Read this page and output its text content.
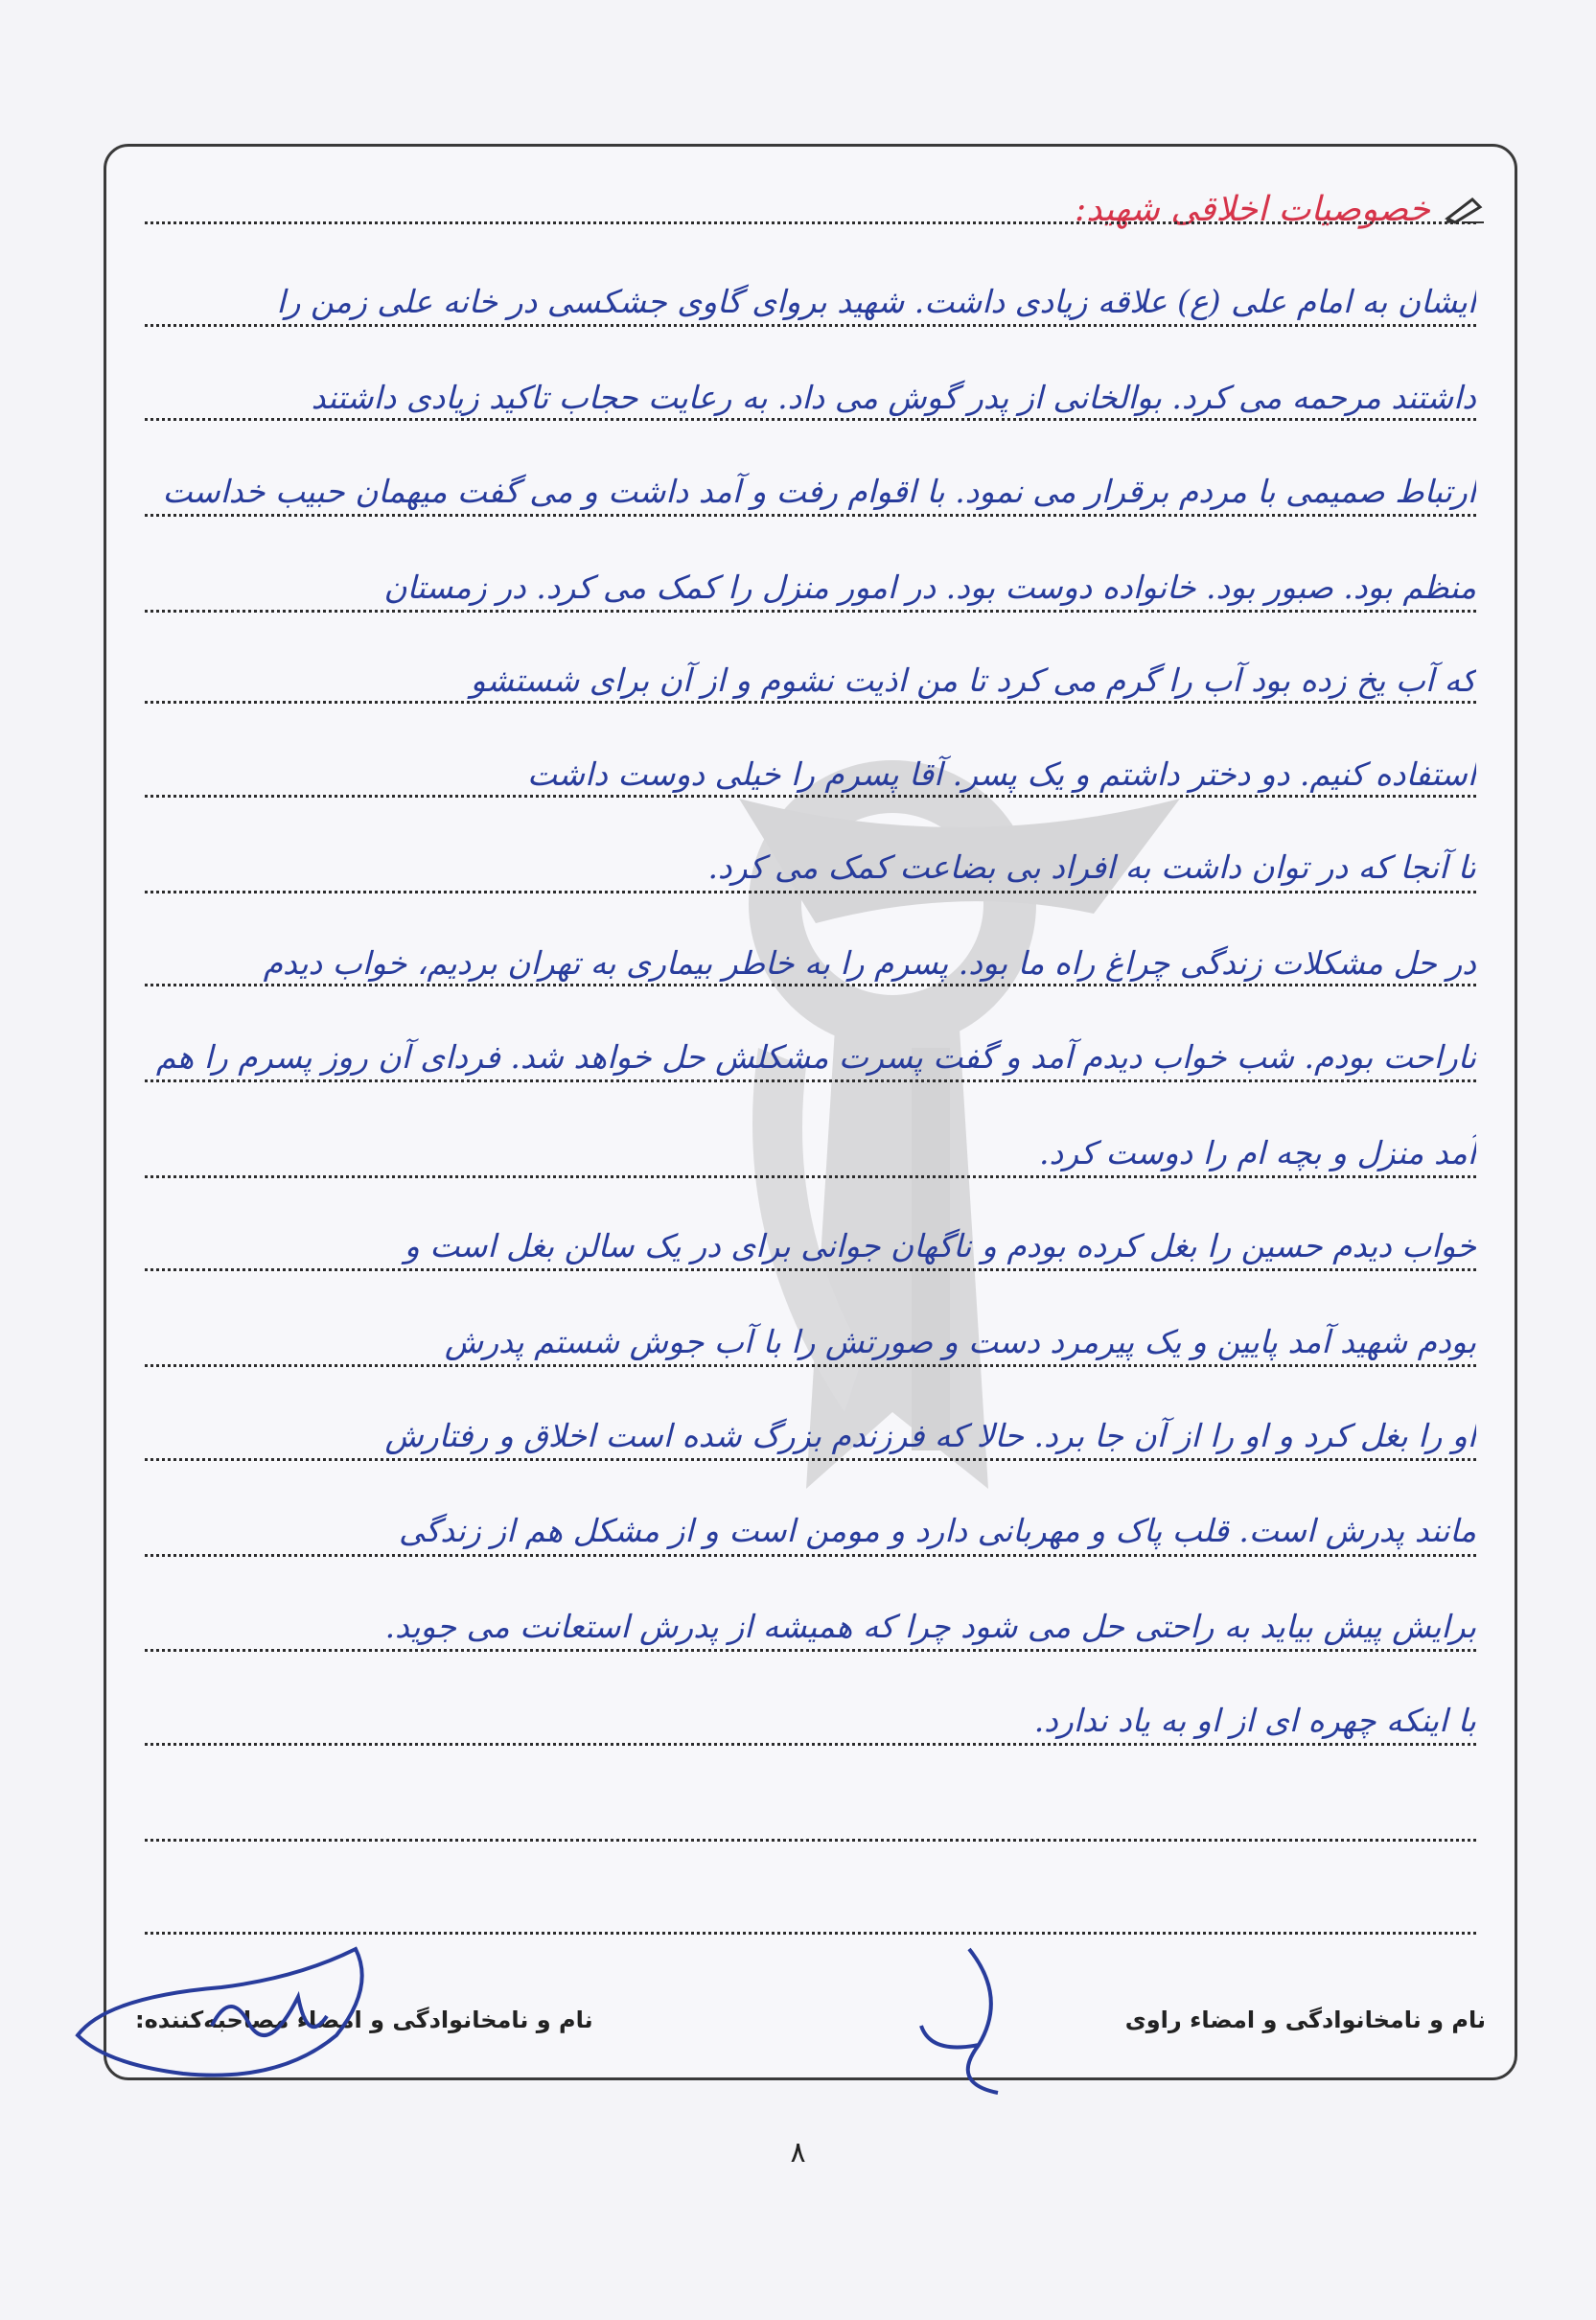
خصوصیات اخلاقی شهید:
ایشان به امام علی (ع) علاقه زیادی داشت. شهید بروای گاوی جشکسی در خانه علی زمن را
داشتند مرحمه می کرد. بوالخانی از پدر گوش می داد. به رعایت حجاب تاکید زیادی داشتند
ارتباط صمیمی با مردم برقرار می نمود. با اقوام رفت و آمد داشت و می گفت میهمان حبیب خداست
منظم بود. صبور بود. خانواده دوست بود. در امور منزل را کمک می کرد. در زمستان
که آب یخ زده بود آب را گرم می کرد تا من اذیت نشوم و از آن برای شستشو
استفاده کنیم. دو دختر داشتم و یک پسر. آقا پسرم را خیلی دوست داشت
تا آنجا که در توان داشت به افراد بی بضاعت کمک می کرد.
در حل مشکلات زندگی چراغ راه ما بود. پسرم را به خاطر بیماری به تهران بردیم، خواب دیدم
ناراحت بودم. شب خواب دیدم آمد و گفت پسرت مشکلش حل خواهد شد. فردای آن روز پسرم را هم
آمد منزل و بچه ام را دوست کرد.
خواب دیدم حسین را بغل کرده بودم و ناگهان جوانی برای در یک سالن بغل است و
بودم شهید آمد پایین و یک پیرمرد دست و صورتش را با آب جوش شستم پدرش
او را بغل کرد و او را از آن جا برد. حالا که فرزندم بزرگ شده است اخلاق و رفتارش
مانند پدرش است. قلب پاک و مهربانی دارد و مومن است و از مشکل هم از زندگی
برایش پیش بیاید به راحتی حل می شود چرا که همیشه از پدرش استعانت می جوید.
با اینکه چهره ای از او به یاد ندارد.
نام و نامخانوادگی و امضاء راوی
نام و نامخانوادگی و امضاء مصاحبه‌کننده:
۸
